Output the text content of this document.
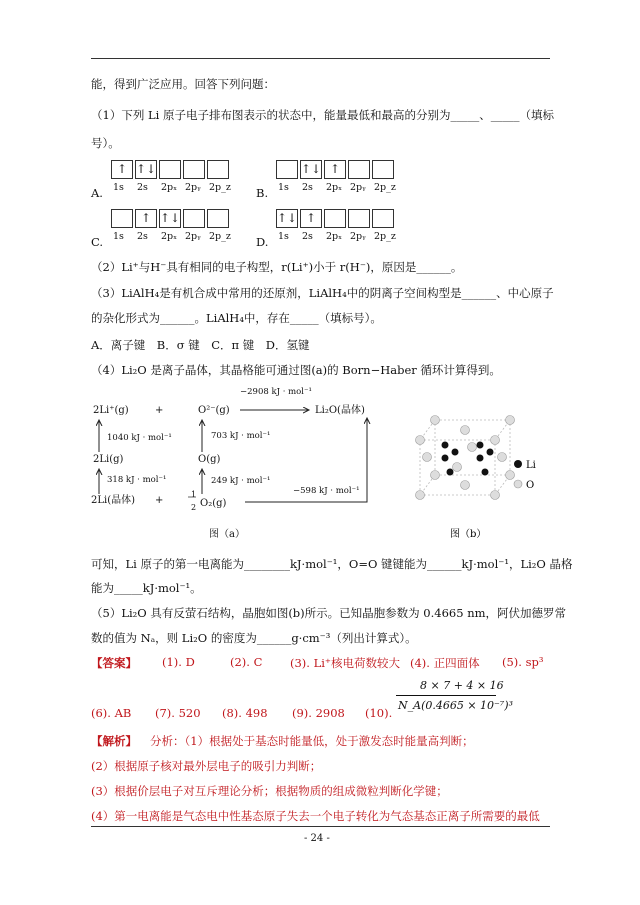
能，得到广泛应用。回答下列问题：
（1）下列 Li 原子电子排布图表示的状态中，能量最低和最高的分别为_____、_____（填标
号）。
A.
↑
1s
↑↓
2s 2pₓ 2pᵧ 2p_z B. 1s
↑↓
2s
↑
2pₓ 2pᵧ 2p_z
C. 1s
↑
2s
↑↓
2pₓ 2pᵧ 2p_z D.
↑↓
1s
↑
2s 2pₓ 2pᵧ 2p_z
（2）Li⁺与H⁻具有相同的电子构型，r(Li⁺)小于 r(H⁻)，原因是______。
（3）LiAlH₄是有机合成中常用的还原剂，LiAlH₄中的阴离子空间构型是______、中心原子
的杂化形式为______。LiAlH₄中，存在_____（填标号）。
A．离子键　B．σ 键　C．π 键　D．氢键
（4）Li₂O 是离子晶体，其晶格能可通过图(a)的 Born−Haber 循环计算得到。
2Li⁺(g)	+	O²⁻(g)
−2908 kJ · mol⁻¹
Li₂O(晶体)
1040 kJ · mol⁻¹	703 kJ · mol⁻¹
2Li(g)	O(g)
318 kJ · mol⁻¹	249 kJ · mol⁻¹
2Li(晶体) +
1
2 O₂(g)
−598 kJ · mol⁻¹
图（a）
Li
O
图（b）
可知，Li 原子的第一电离能为________kJ·mol⁻¹，O=O 键键能为______kJ·mol⁻¹，Li₂O 晶格
能为_____kJ·mol⁻¹。
（5）Li₂O 具有反萤石结构，晶胞如图(b)所示。已知晶胞参数为 0.4665 nm，阿伏加德罗常
数的值为 Nₐ，则 Li₂O 的密度为______g·cm⁻³（列出计算式）。
【答案】 (1). D	(2). C (3). Li⁺核电荷数较大 (4). 正四面体 (5). sp³
(6). AB (7). 520 (8). 498 (9). 2908 (10).
8 × 7 + 4 × 16
N_A(0.4665 × 10⁻⁷)³
【解析】 分析：（1）根据处于基态时能量低，处于激发态时能量高判断；
(2）根据原子核对最外层电子的吸引力判断；
(3）根据价层电子对互斥理论分析；根据物质的组成微粒判断化学键；
(4）第一电离能是气态电中性基态原子失去一个电子转化为气态基态正离子所需要的最低
- 24 -
